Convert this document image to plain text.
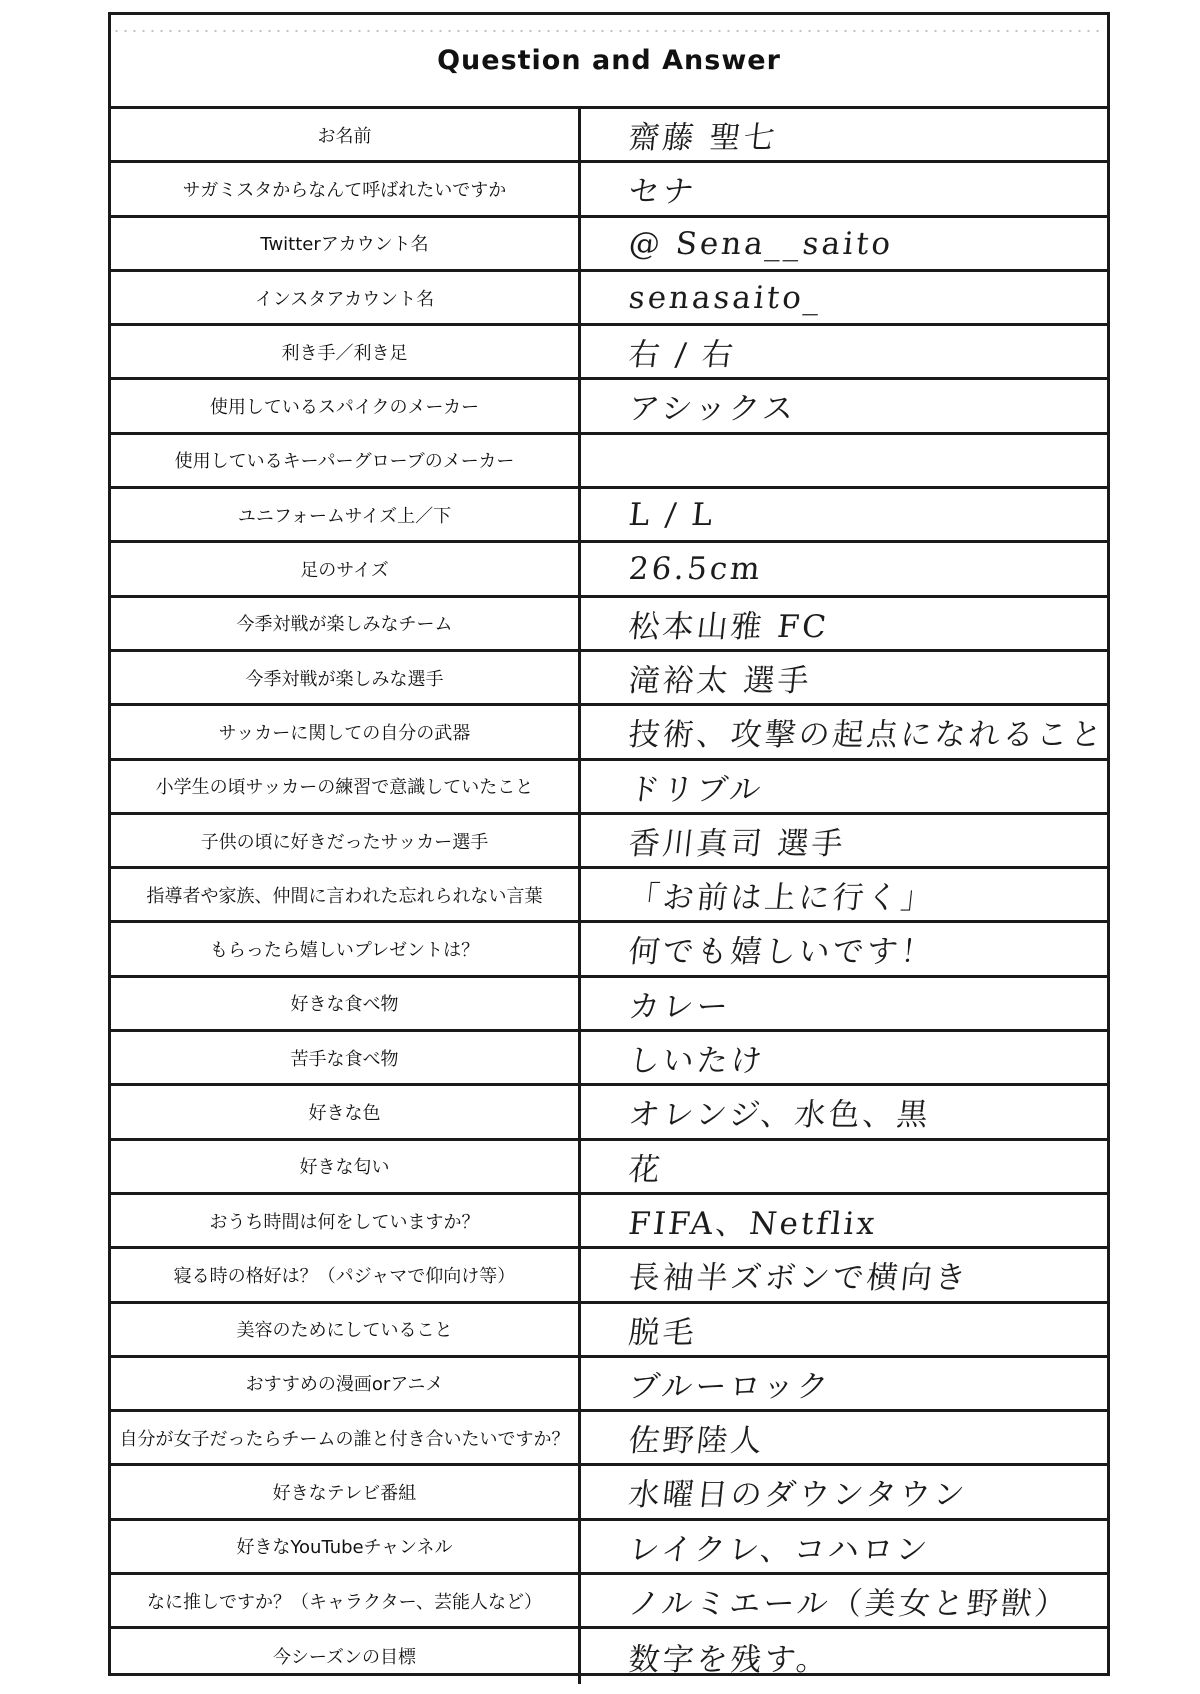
Question and Answer
お名前	齋藤 聖七
サガミスタからなんて呼ばれたいですか	セナ
Twitterアカウント名	@ Sena__saito
インスタアカウント名	senasaito_
利き手／利き足	右 / 右
使用しているスパイクのメーカー	アシックス
使用しているキーパーグローブのメーカー
ユニフォームサイズ上／下	L / L
足のサイズ	26.5cm
今季対戦が楽しみなチーム	松本山雅 FC
今季対戦が楽しみな選手	滝裕太 選手
サッカーに関しての自分の武器	技術、攻撃の起点になれること
小学生の頃サッカーの練習で意識していたこと	ドリブル
子供の頃に好きだったサッカー選手	香川真司 選手
指導者や家族、仲間に言われた忘れられない言葉	「お前は上に行く」
もらったら嬉しいプレゼントは？	何でも嬉しいです！
好きな食べ物	カレー
苦手な食べ物	しいたけ
好きな色	オレンジ、水色、黒
好きな匂い	花
おうち時間は何をしていますか？	FIFA、Netflix
寝る時の格好は？（パジャマで仰向け等）	長袖半ズボンで横向き
美容のためにしていること	脱毛
おすすめの漫画orアニメ	ブルーロック
自分が女子だったらチームの誰と付き合いたいですか？	佐野陸人
好きなテレビ番組	水曜日のダウンタウン
好きなYouTubeチャンネル	レイクレ、コハロン
なに推しですか？（キャラクター、芸能人など）	ノルミエール（美女と野獣）
今シーズンの目標	数字を残す。
